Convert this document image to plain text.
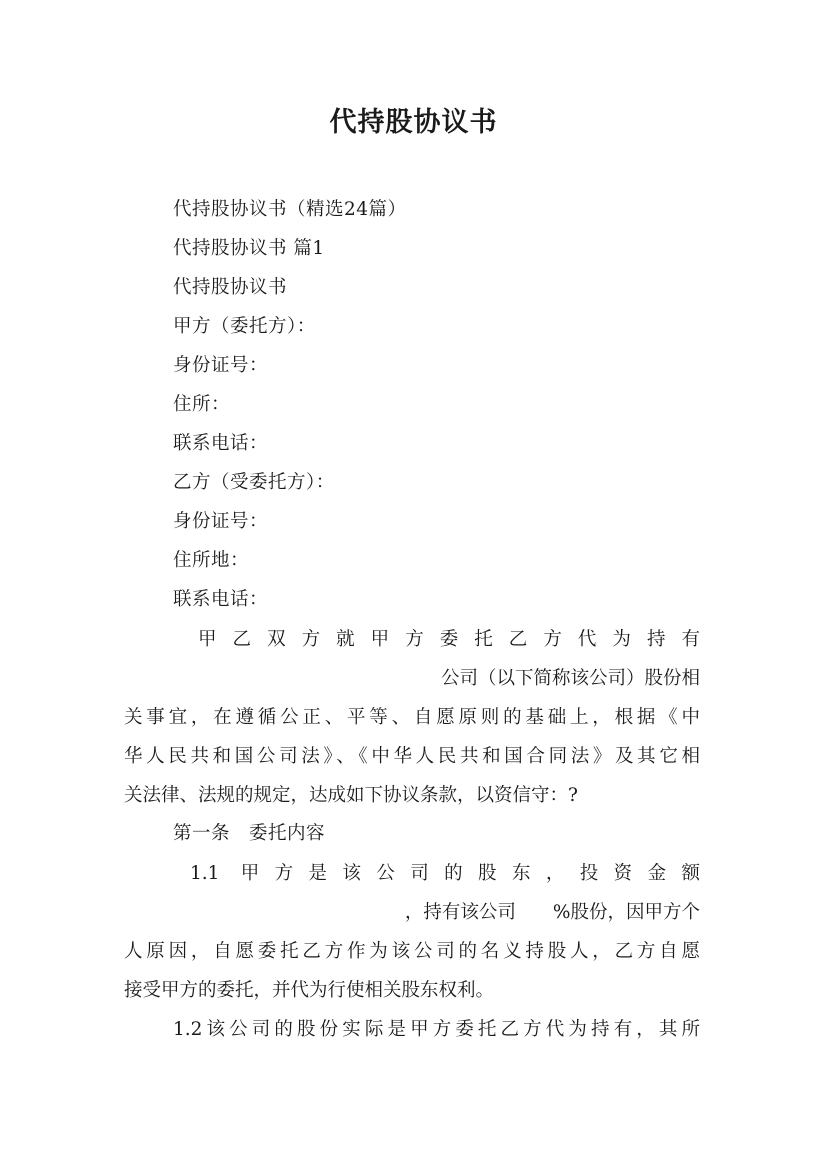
代持股协议书
代持股协议书（精选24篇）
代持股协议书 篇1
代持股协议书
甲方（委托方）：
身份证号：
住所：
联系电话：
乙方（受委托方）：
身份证号：
住所地：
联系电话：
甲乙双方就甲方委托乙方代为持有
公司（以下简称该公司）股份相
关事宜，在遵循公正、平等、自愿原则的基础上，根据《中
华人民共和国公司法》、《中华人民共和国合同法》及其它相
关法律、法规的规定，达成如下协议条款，以资信守：?
第一条　委托内容
1.1 甲方是该公司的股东，投资金额
，持有该公司　　%股份，因甲方个
人原因，自愿委托乙方作为该公司的名义持股人，乙方自愿
接受甲方的委托，并代为行使相关股东权利。
1.2该公司的股份实际是甲方委托乙方代为持有，其所
